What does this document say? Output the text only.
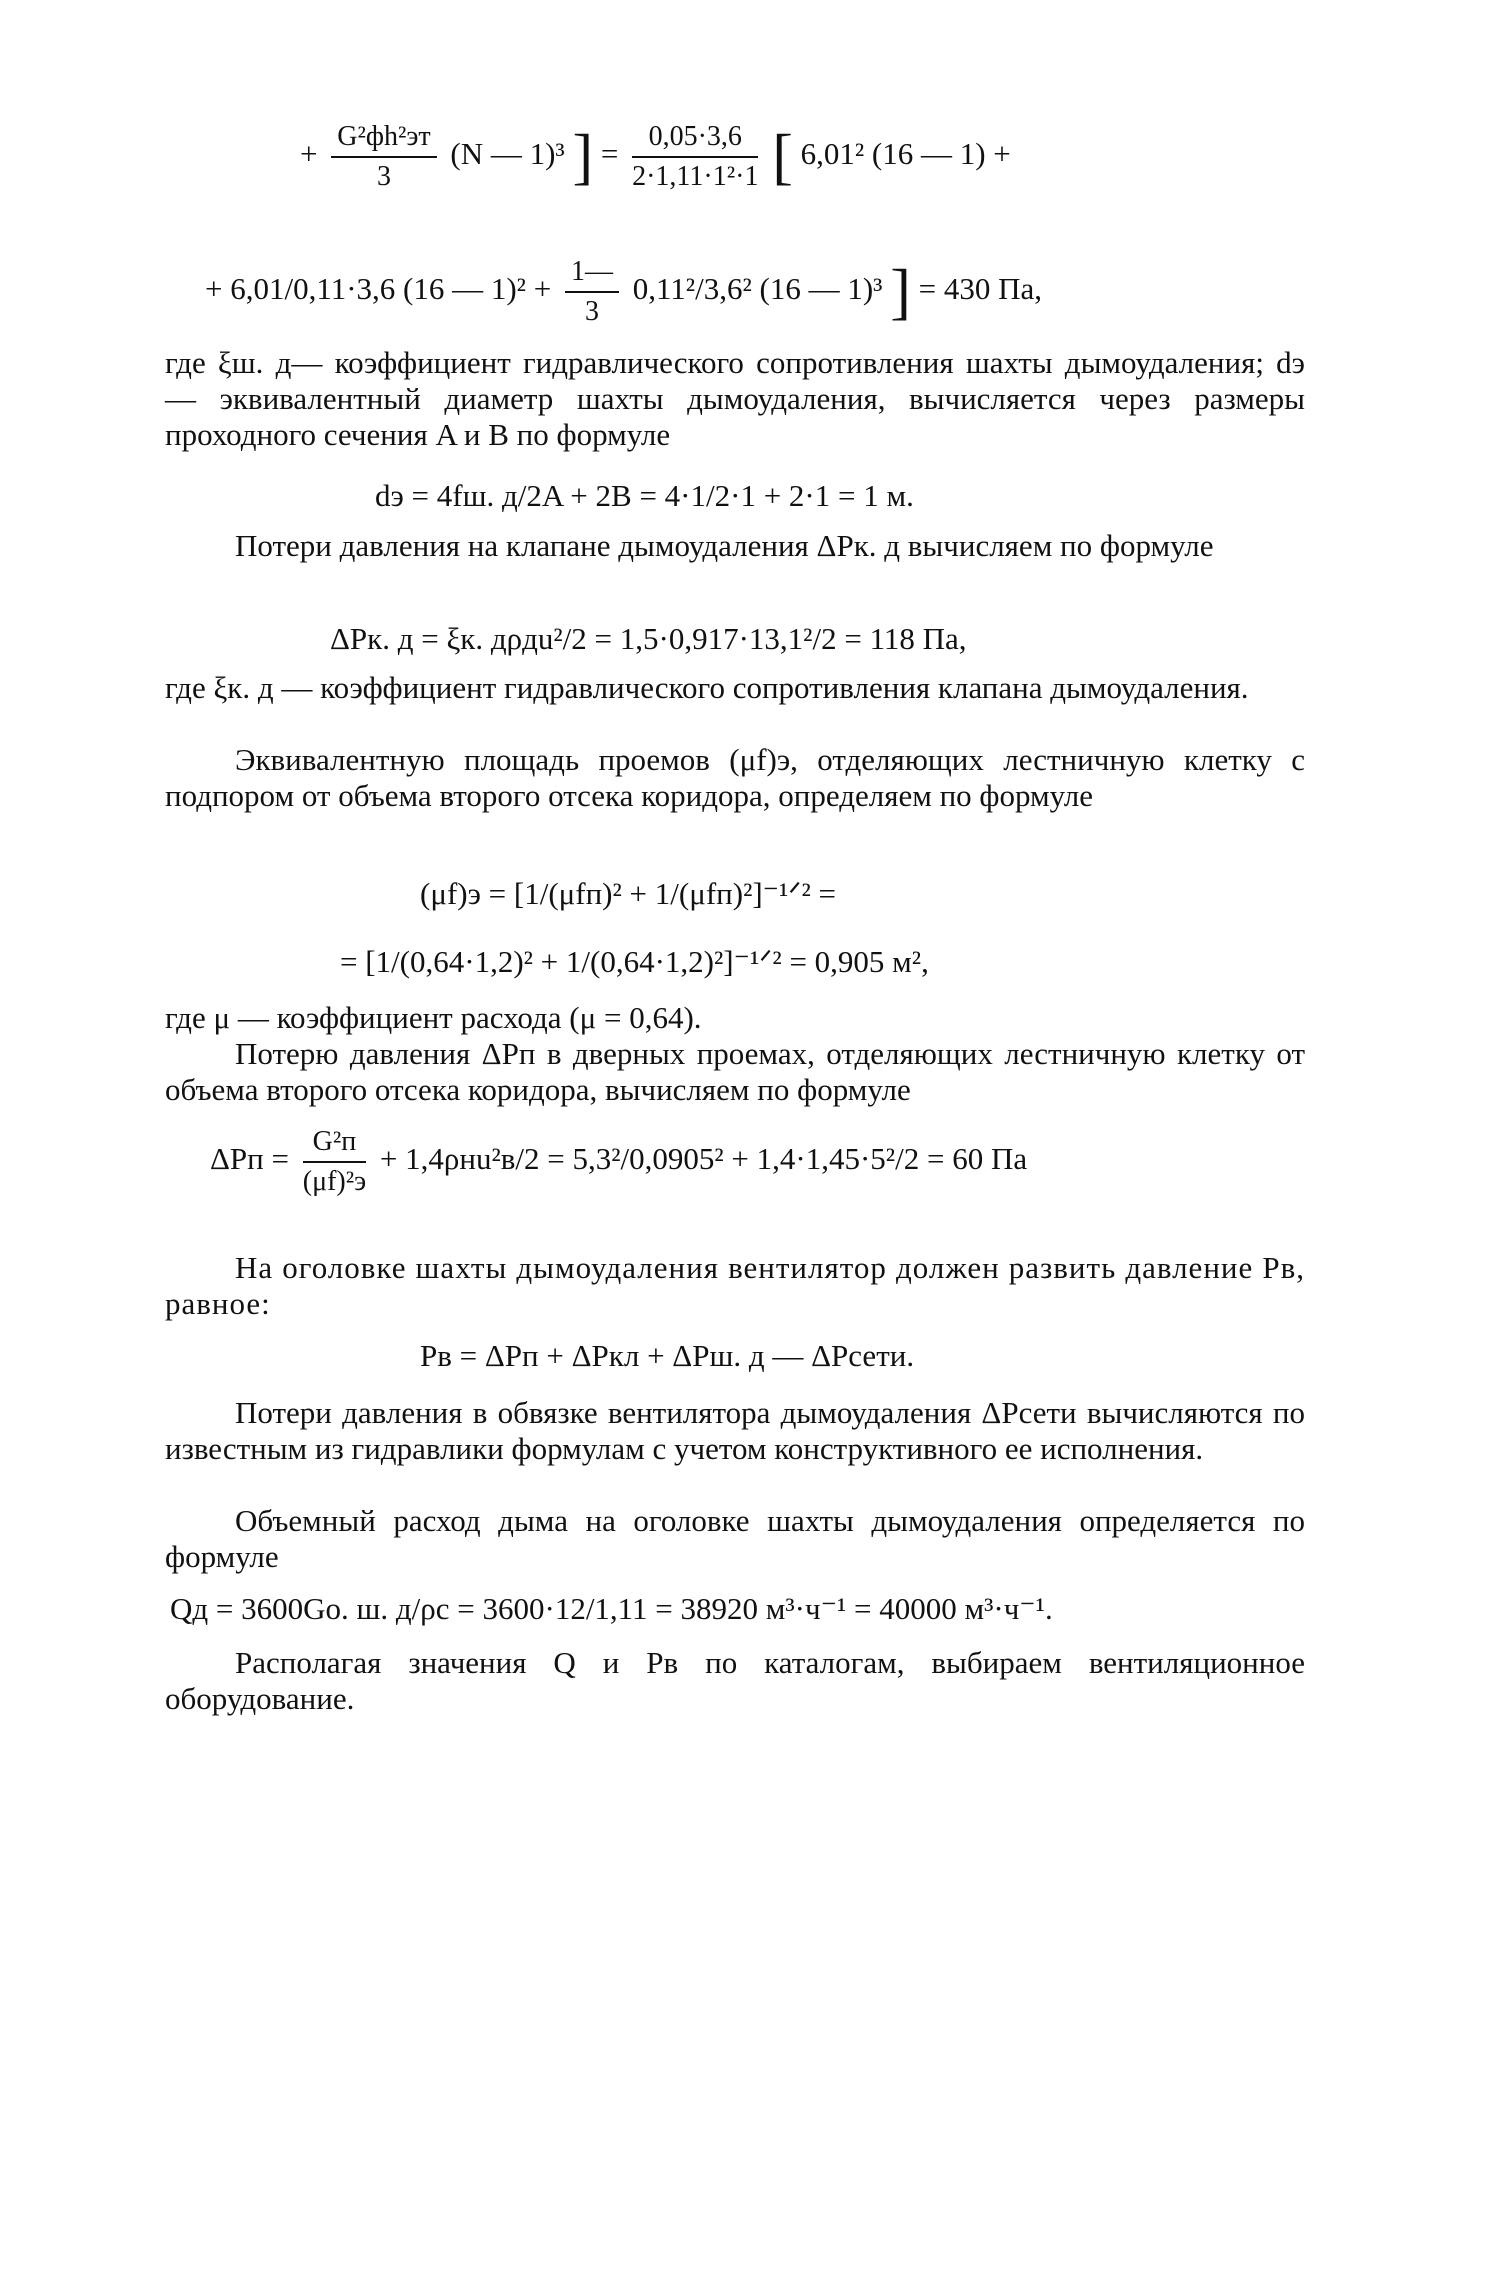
+ $\frac{\text{G²фh²эт}}{3} (N$ — 1)³ ] = $\frac{0,05\cdot 3,6}{\text{2·1,11·1²·1}}$ [ 6,01² (16 — 1) +
+ 6,01/0,11·3,6 (16 — $1)^2 + \frac{1—}{3} 0,11^2/3,6^2$ (16 — 1)³ ] = 430 Па,
где ξш. д— коэффициент гидравлического сопротивления шахты дымоудаления; dэ — эквивалентный диаметр шахты дымоудаления, вычисляется через размеры проходного сечения A и B по формуле
dэ = 4fш. д/2A + 2B = 4·1/2·1 + 2·1 = 1 м.
Потери давления на клапане дымоудаления ΔPк. д вычисляем по формуле
ΔPк. д = ξк. дρдu²/2 = 1,5·0,917·13,1²/2 = 118 Па,
где ξк. д — коэффициент гидравлического сопротивления клапана дымоудаления.
Эквивалентную площадь проемов (μf)э, отделяющих лестничную клетку с подпором от объема второго отсека коридора, определяем по формуле
(μf)э = [1/(μfп)² + 1/(μfп)²]⁻¹ᐟ² =
= [1/(0,64·1,2)² + 1/(0,64·1,2)²]⁻¹ᐟ² = 0,905 м²,
где μ — коэффициент расхода (μ = 0,64).
Потерю давления ΔPп в дверных проемах, отделяющих лестничную клетку от объема второго отсека коридора, вычисляем по формуле
$\Delta Pп = \frac{\text{G²п}}{\text{(μf)²э}} + 1,4\rho нu^2в/2 = 5,3^2/0,0905^2 + 1,4\cdot 1,45\cdot 5^2/2 = 60$ Па
На оголовке шахты дымоудаления вентилятор должен развить давление Pв, равное:
Pв = ΔPп + ΔPкл + ΔPш. д — ΔPсети.
Потери давления в обвязке вентилятора дымоудаления ΔPсети вычисляются по известным из гидравлики формулам с учетом конструктивного ее исполнения.
Объемный расход дыма на оголовке шахты дымоудаления определяется по формуле
Qд = 3600Gо. ш. д/ρс = 3600·12/1,11 = 38920 м³·ч⁻¹ = 40000 м³·ч⁻¹.
Располагая значения Q и Pв по каталогам, выбираем вентиляционное оборудование.
